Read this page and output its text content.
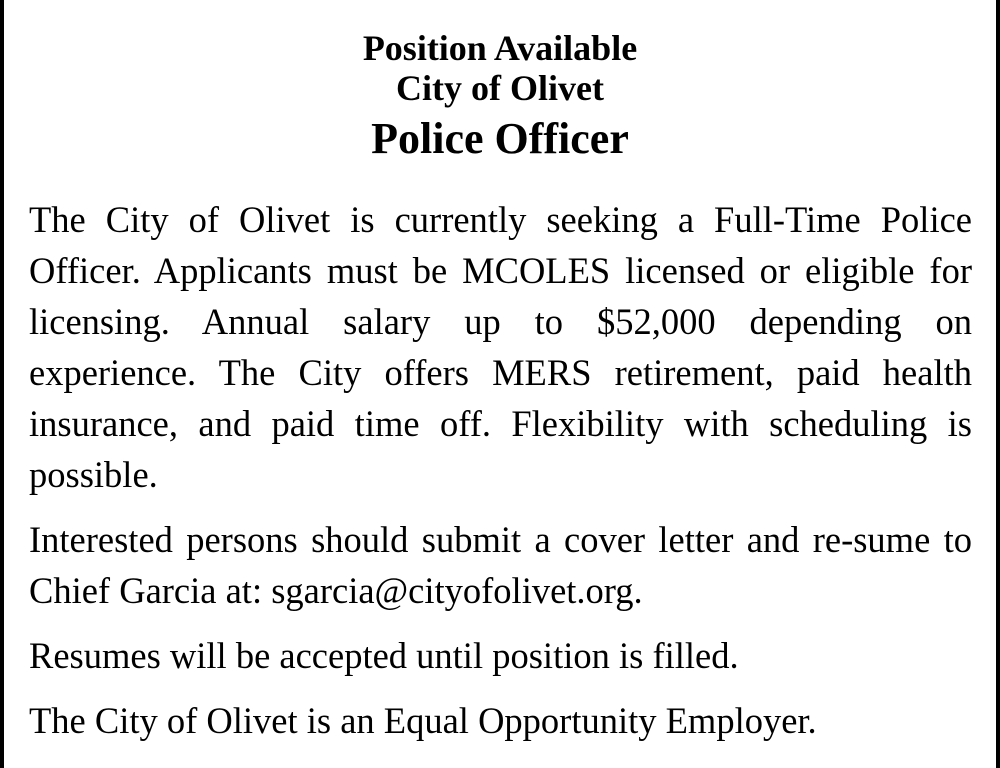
Position Available
City of Olivet
Police Officer

The City of Olivet is currently seeking a Full-Time Police Officer. Applicants must be MCOLES licensed or eligible for licensing. Annual salary up to $52,000 depending on experience. The City offers MERS retirement, paid health insurance, and paid time off. Flexibility with scheduling is possible.

Interested persons should submit a cover letter and re-sume to Chief Garcia at: sgarcia@cityofolivet.org.

Resumes will be accepted until position is filled.

The City of Olivet is an Equal Opportunity Employer.
